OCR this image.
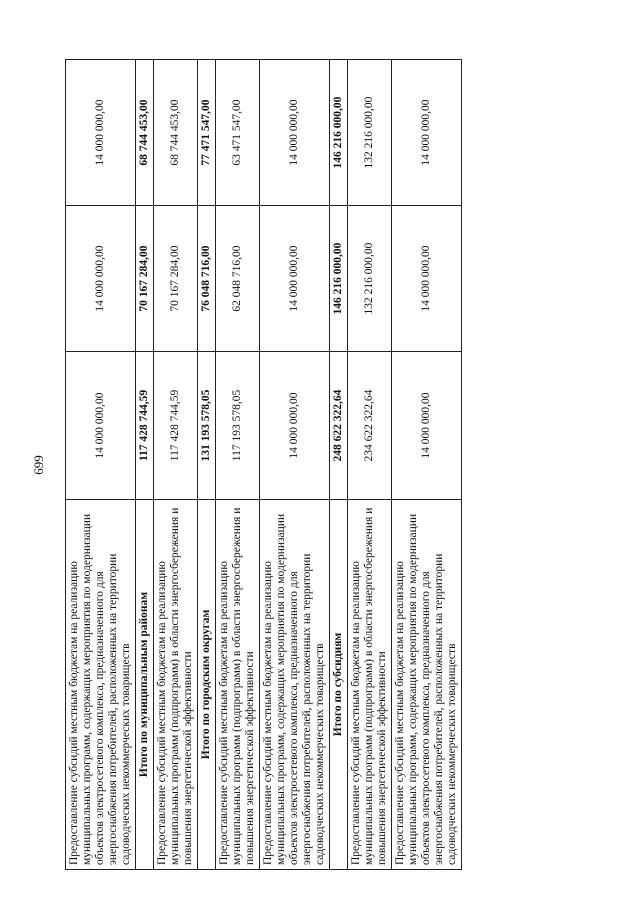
699
Предоставление субсидий местным бюджетам на реализацию муниципальных программ, содержащих мероприятия по модернизации объектов электросетевого комплекса, предназначенного для энергоснабжения потребителей, расположенных на территории садоводческих некоммерческих товариществ	14 000 000,00	14 000 000,00	14 000 000,00
Итого по муниципальным районам	117 428 744,59	70 167 284,00	68 744 453,00
Предоставление субсидий местным бюджетам на реализацию муниципальных программ (подпрограмм) в области энергосбережения и повышения энергетической эффективности	117 428 744,59	70 167 284,00	68 744 453,00
Итого по городским округам	131 193 578,05	76 048 716,00	77 471 547,00
Предоставление субсидий местным бюджетам на реализацию муниципальных программ (подпрограмм) в области энергосбережения и повышения энергетической эффективности	117 193 578,05	62 048 716,00	63 471 547,00
Предоставление субсидий местным бюджетам на реализацию муниципальных программ, содержащих мероприятия по модернизации объектов электросетевого комплекса, предназначенного для энергоснабжения потребителей, расположенных на территории садоводческих некоммерческих товариществ	14 000 000,00	14 000 000,00	14 000 000,00
Итого по субсидиям	248 622 322,64	146 216 000,00	146 216 000,00
Предоставление субсидий местным бюджетам на реализацию муниципальных программ (подпрограмм) в области энергосбережения и повышения энергетической эффективности	234 622 322,64	132 216 000,00	132 216 000,00
Предоставление субсидий местным бюджетам на реализацию муниципальных программ, содержащих мероприятия по модернизации объектов электросетевого комплекса, предназначенного для энергоснабжения потребителей, расположенных на территории садоводческих некоммерческих товариществ	14 000 000,00	14 000 000,00	14 000 000,00
